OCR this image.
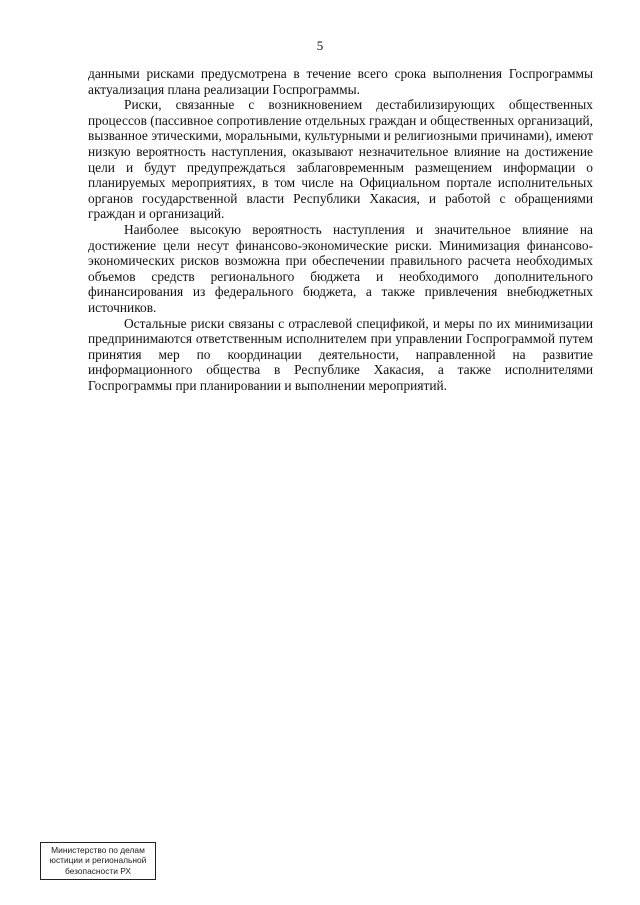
5

данными рисками предусмотрена в течение всего срока выполнения Госпрограммы актуализация плана реализации Госпрограммы.

Риски, связанные с возникновением дестабилизирующих общественных процессов (пассивное сопротивление отдельных граждан и общественных организаций, вызванное этическими, моральными, культурными и религиозными причинами), имеют низкую вероятность наступления, оказывают незначительное влияние на достижение цели и будут предупреждаться заблаговременным размещением информации о планируемых мероприятиях, в том числе на Официальном портале исполнительных органов государственной власти Республики Хакасия, и работой с обращениями граждан и организаций.

Наиболее высокую вероятность наступления и значительное влияние на достижение цели несут финансово-экономические риски. Минимизация финансово-экономических рисков возможна при обеспечении правильного расчета необходимых объемов средств регионального бюджета и необходимого дополнительного финансирования из федерального бюджета, а также привлечения внебюджетных источников.

Остальные риски связаны с отраслевой спецификой, и меры по их минимизации предпринимаются ответственным исполнителем при управлении Госпрограммой путем принятия мер по координации деятельности, направленной на развитие информационного общества в Республике Хакасия, а также исполнителями Госпрограммы при планировании и выполнении мероприятий.

Министерство по делам
юстиции и региональной
безопасности РХ
